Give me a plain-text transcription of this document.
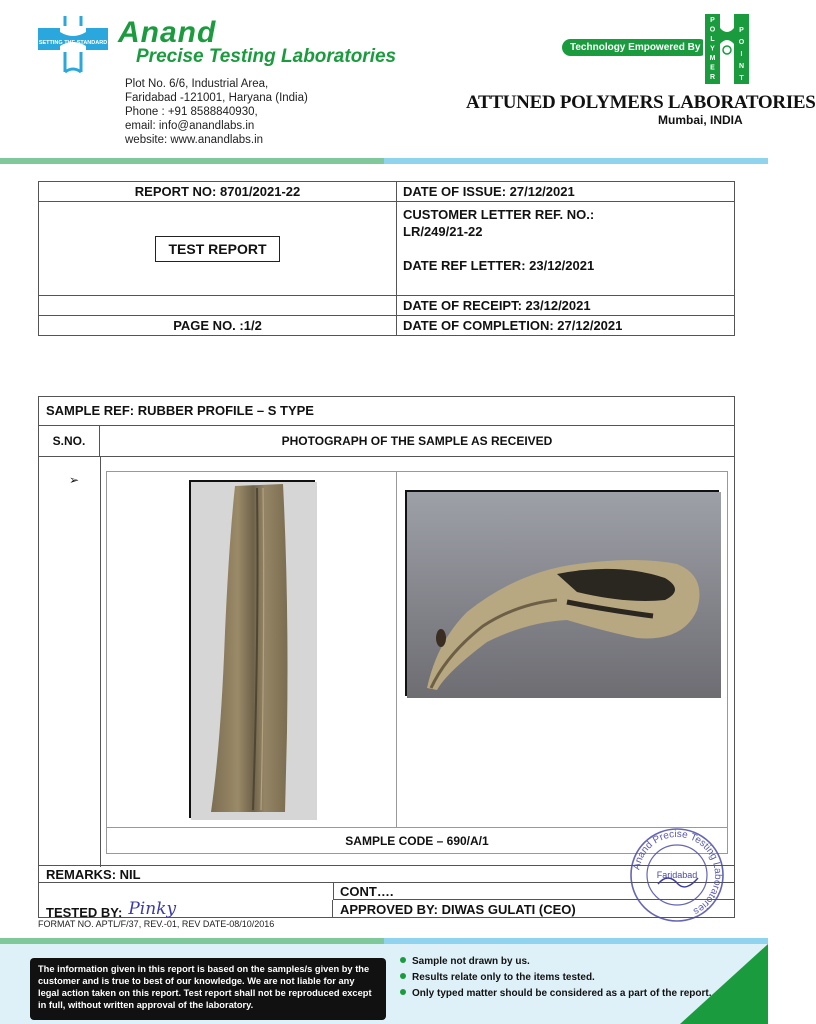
SETTING THE STANDARD Anand
Precise Testing Laboratories
Plot No. 6/6, Industrial Area,
Faridabad -121001, Haryana (India)
Phone : +91 8588840930,
email: info@anandlabs.in
website: www.anandlabs.in
Technology Empowered By
P
O
L
Y
M
E
R
P
O
I
N
T
ATTUNED POLYMERS LABORATORIES
Mumbai, INDIA
REPORT NO: 8701/2021-22	DATE OF ISSUE: 27/12/2021
TEST REPORT	CUSTOMER LETTER REF. NO.:
LR/249/21-22
DATE REF LETTER: 23/12/2021

	DATE OF RECEIPT: 23/12/2021
PAGE NO. :1/2	DATE OF COMPLETION: 27/12/2021
SAMPLE REF: RUBBER PROFILE – S TYPE
S.NO.	PHOTOGRAPH OF THE SAMPLE AS RECEIVED
➢
SAMPLE CODE – 690/A/1
REMARKS: NIL
CONT….
TESTED BY: Pinky	APPROVED BY: DIWAS GULATI (CEO)
Anand Precise Testing Laboratories
Faridabad
FORMAT NO. APTL/F/37, REV.-01, REV DATE-08/10/2016
The information given in this report is based on the samples/s given by the customer and is true to best of our knowledge. We are not liable for any legal action taken on this report. Test report shall not be reproduced except in full, without written approval of the laboratory.
Sample not drawn by us.
Results relate only to the items tested.
Only typed matter should be considered as a part of the report.
